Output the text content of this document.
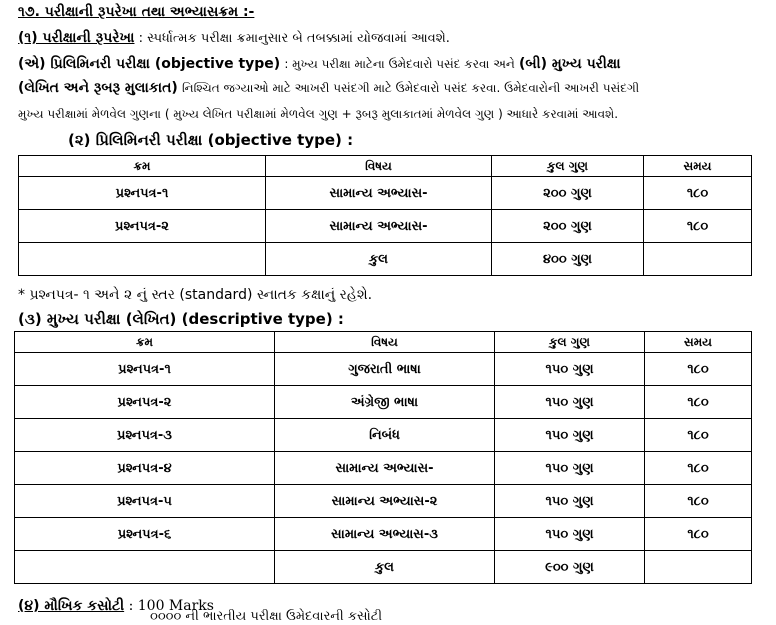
૧૭. પરીક્ષાની રૂપરેખા તથા અભ્યાસક્રમ :-
(૧) પરીક્ષાની રૂપરેખા : સ્પર્ધાત્મક પરીક્ષા ક્રમાનુસાર બે તબક્કામાં યોજવામાં આવશે.
(એ) પ્રિલિમિનરી પરીક્ષા (objective type) : મુખ્ય પરીક્ષા માટેના ઉમેદવારો પસંદ કરવા અને (બી) મુખ્ય પરીક્ષા
(લેખિત અને રૂબરૂ મુલાકાત) નિશ્ચિત જગ્યાઓ માટે આખરી પસંદગી માટે ઉમેદવારો પસંદ કરવા. ઉમેદવારોની આખરી પસંદગી
મુખ્ય પરીક્ષામાં મેળવેલ ગુણના ( મુખ્ય લેખિત પરીક્ષામાં મેળવેલ ગુણ + રૂબરૂ મુલાકાતમાં મેળવેલ ગુણ ) આધારે કરવામાં આવશે.
(૨) પ્રિલિમિનરી પરીક્ષા (objective type) :
ક્રમ	વિષય	કુલ ગુણ	સમય
પ્રશ્નપત્ર-૧	સામાન્ય અભ્યાસ-	૨૦૦ ગુણ	૧૮૦
પ્રશ્નપત્ર-૨	સામાન્ય અભ્યાસ-	૨૦૦ ગુણ	૧૮૦
	કુલ	૪૦૦ ગુણ	
* પ્રશ્નપત્ર- ૧ અને ૨ નું સ્તર (standard) સ્નાતક કક્ષાનું રહેશે.
(૩) મુખ્ય પરીક્ષા (લેખિત) (descriptive type) :
ક્રમ	વિષય	કુલ ગુણ	સમય
પ્રશ્નપત્ર-૧	ગુજરાતી ભાષા	૧૫૦ ગુણ	૧૮૦
પ્રશ્નપત્ર-૨	અંગ્રેજી ભાષા	૧૫૦ ગુણ	૧૮૦
પ્રશ્નપત્ર-૩	નિબંધ	૧૫૦ ગુણ	૧૮૦
પ્રશ્નપત્ર-૪	સામાન્ય અભ્યાસ-	૧૫૦ ગુણ	૧૮૦
પ્રશ્નપત્ર-૫	સામાન્ય અભ્યાસ-૨	૧૫૦ ગુણ	૧૮૦
પ્રશ્નપત્ર-૬	સામાન્ય અભ્યાસ-૩	૧૫૦ ગુણ	૧૮૦
	કુલ	૯૦૦ ગુણ	
(૪) મૌખિક કસોટી : 100 Marks
૦૦૦૦ ની ભારતીય પરીક્ષા ઉમેદવારની કસોટી
